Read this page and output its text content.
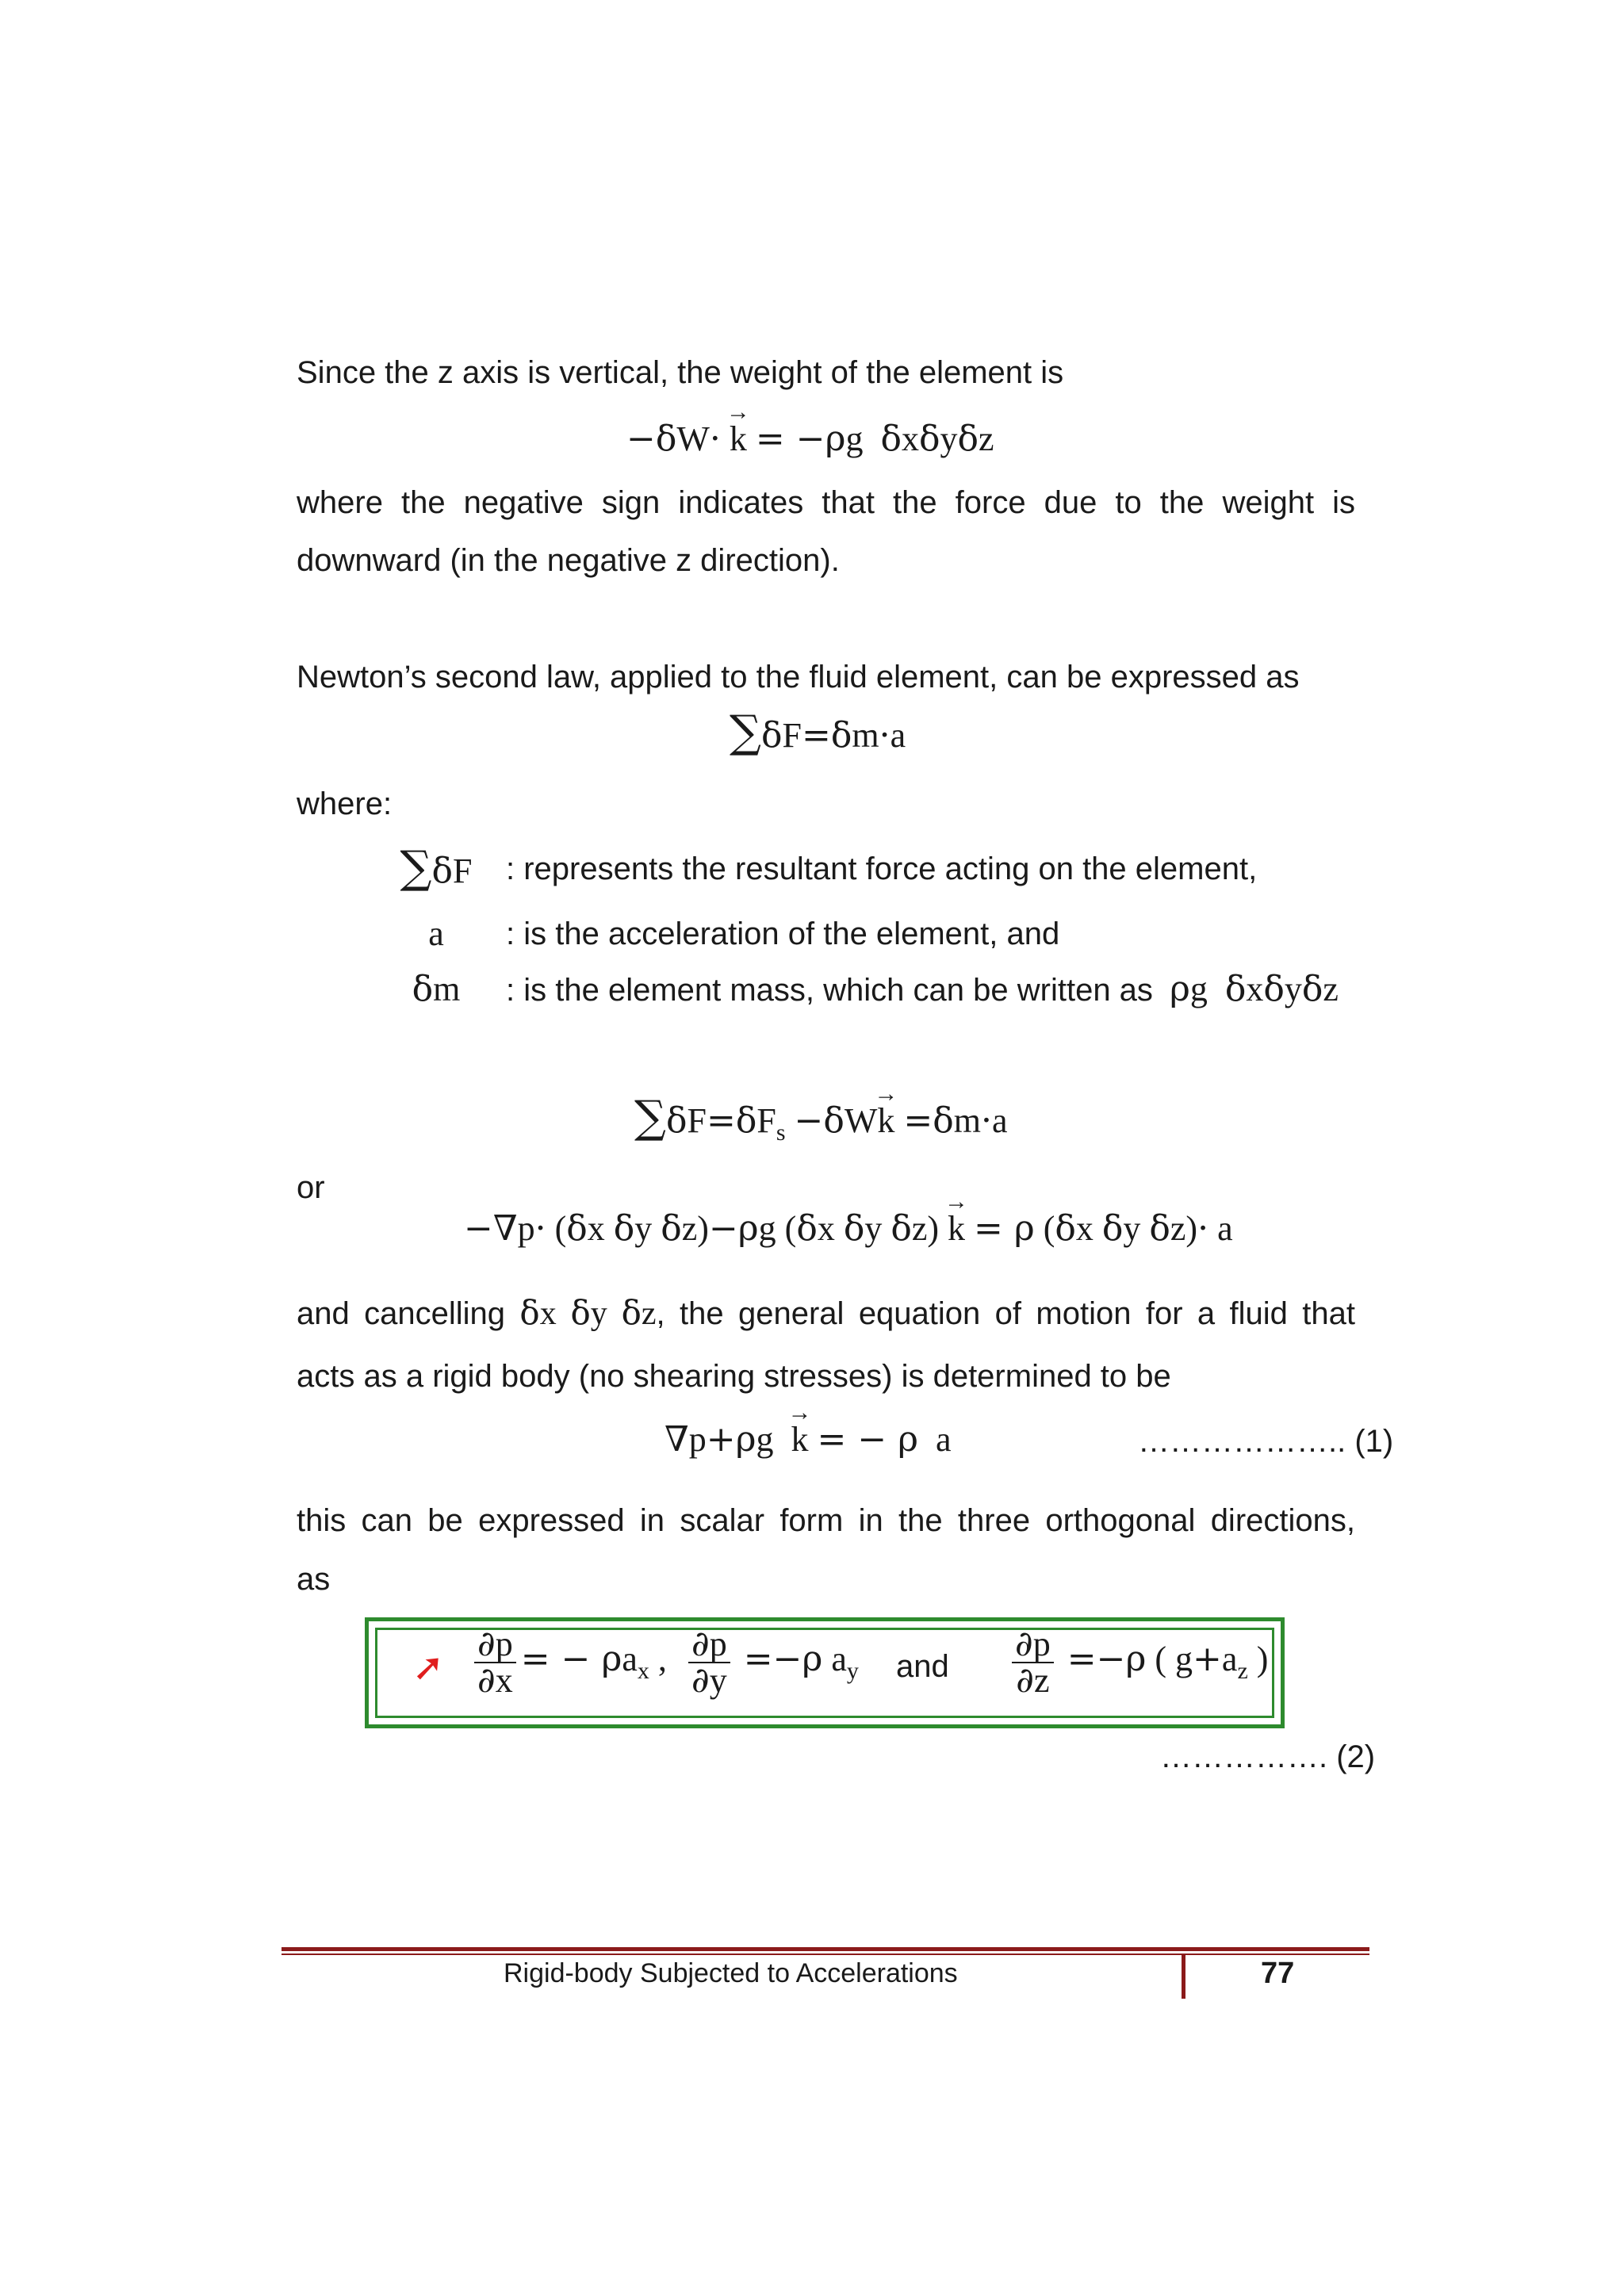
Since the z axis is vertical, the weight of the element is
−δW· → k = −ρg  δxδyδz
where the negative sign indicates that the force due to the weight is
downward (in the negative z direction).
Newton’s second law, applied to the fluid element, can be expressed as
∑δF=δm·a
where:
∑δF	: represents the resultant force acting on the element,
a	: is the acceleration of the element, and
δm	: is the element mass, which can be written as ρg  δxδyδz
$\sum\delta F=\delta F_s -\delta W\to k =\delta m\cdot a$
or
−∇p· (δx δy δz)−ρg (δx δy δz) → k = ρ (δx δy δz)· a
and cancelling δx δy δz, the general equation of motion for a fluid that
acts as a rigid body (no shearing stresses) is determined to be
∇p+ρg  → k = − ρ  a	……………….. (1)
this can be expressed in scalar form in the three orthogonal directions,
as
➚ $\frac{\partial p}{\partial x}$ = − $\rho a_x$ , $\frac{\partial p}{\partial y} =-\rho$ $a_y$ and $\frac{\partial p}{\partial z} =-\rho$ ( $g+a_z$ )
……………. (2)
Rigid-body Subjected to Accelerations	77
